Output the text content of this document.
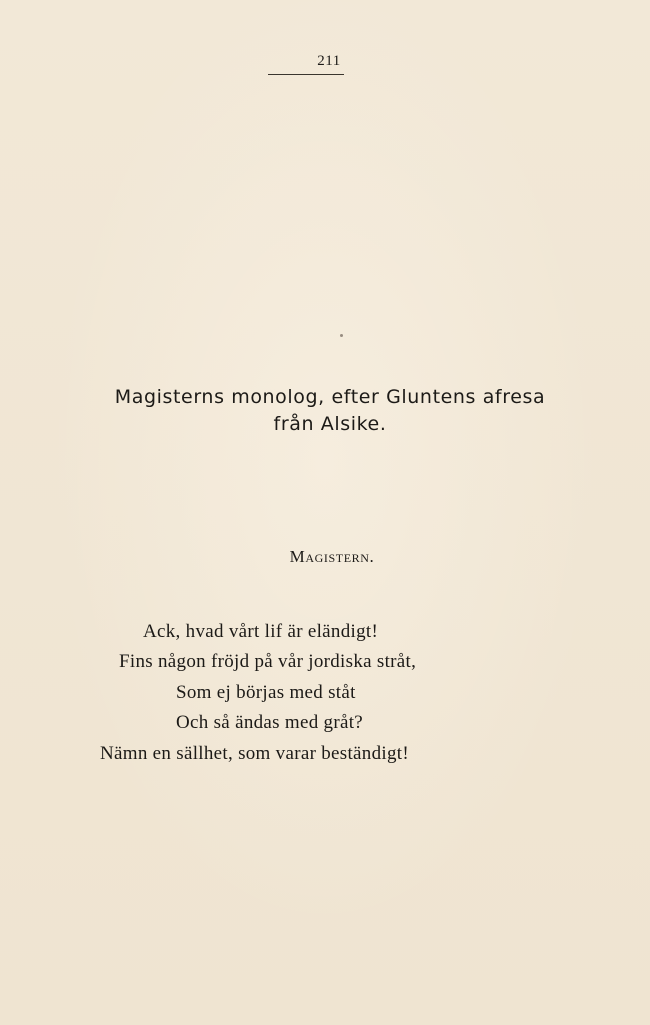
211
Magisterns monolog, efter Gluntens afresa
från Alsike.
Magistern.
Ack, hvad vårt lif är eländigt!
Fins någon fröjd på vår jordiska stråt,
Som ej börjas med ståt
Och så ändas med gråt?
Nämn en sällhet, som varar beständigt!
